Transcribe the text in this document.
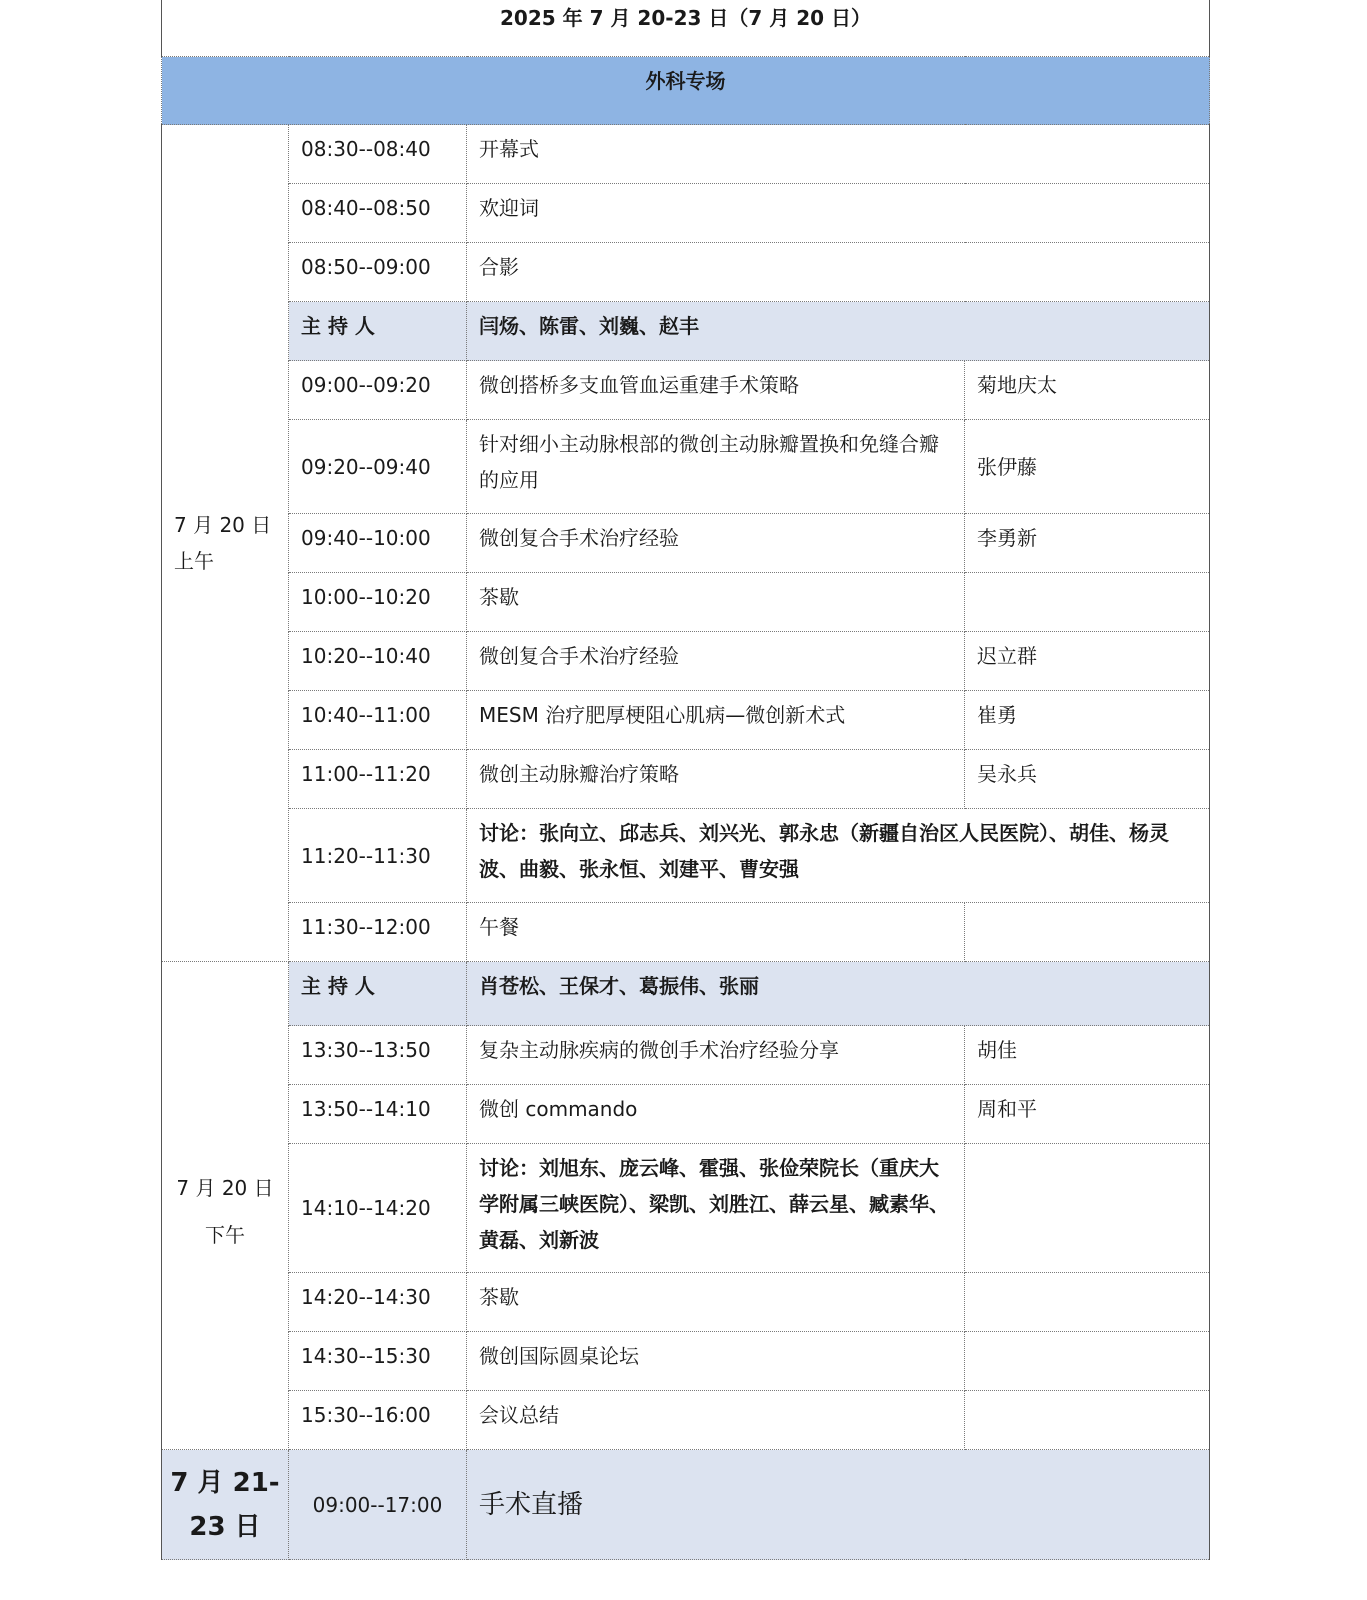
2025 年 7 月 20-23 日（7 月 20 日）			
外科专场			

7 月 20 日
上午	08:30--08:40	开幕式	
	08:40--08:50	欢迎词	
	08:50--09:00	合影	
	主 持 人	闫炀、陈雷、刘巍、赵丰	
	09:00--09:20	微创搭桥多支血管血运重建手术策略	菊地庆太
	09:20--09:40	针对细小主动脉根部的微创主动脉瓣置换和免缝合瓣的应用	张伊藤
	09:40--10:00	微创复合手术治疗经验	李勇新
	10:00--10:20	茶歇	
	10:20--10:40	微创复合手术治疗经验	迟立群
	10:40--11:00	MESM 治疗肥厚梗阻心肌病—微创新术式	崔勇
	11:00--11:20	微创主动脉瓣治疗策略	吴永兵
	11:20--11:30	讨论：张向立、邱志兵、刘兴光、郭永忠（新疆自治区人民医院）、胡佳、杨灵波、曲毅、张永恒、刘建平、曹安强	
	11:30--12:00	午餐	

7 月 20 日
下午	主 持 人	肖苍松、王保才、葛振伟、张丽	
	13:30--13:50	复杂主动脉疾病的微创手术治疗经验分享	胡佳
	13:50--14:10	微创 commando	周和平
	14:10--14:20	讨论：刘旭东、庞云峰、霍强、张俭荣院长（重庆大学附属三峡医院）、梁凯、刘胜江、薛云星、臧素华、黄磊、刘新波	
	14:20--14:30	茶歇	
	14:30--15:30	微创国际圆桌论坛	
	15:30--16:00	会议总结	

7 月 21-
23 日	09:00--17:00	手术直播	
